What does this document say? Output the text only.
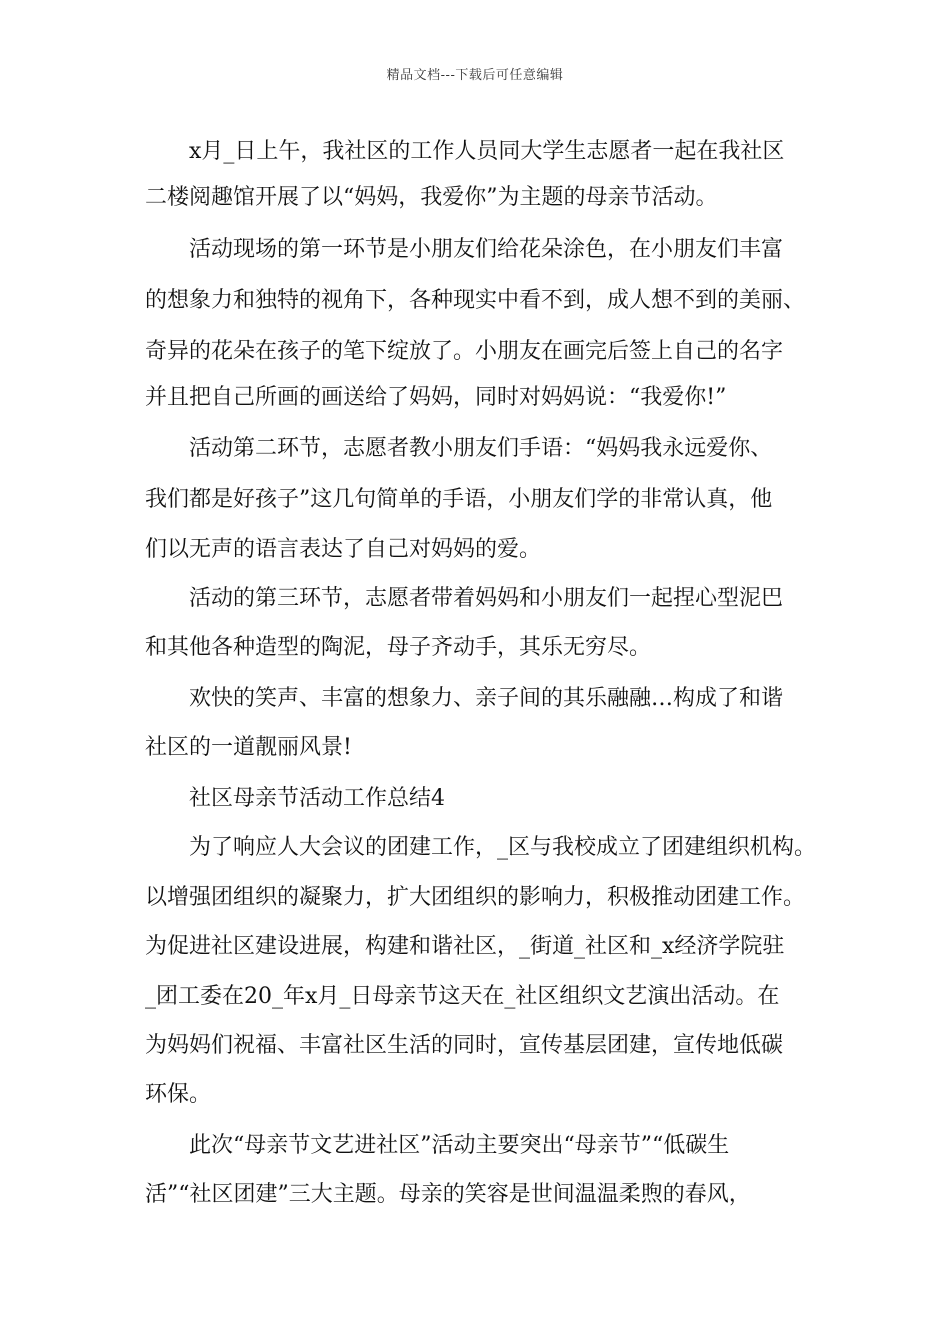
精品文档---下载后可任意编辑
x月_日上午，我社区的工作人员同大学生志愿者一起在我社区
二楼阅趣馆开展了以“妈妈，我爱你”为主题的母亲节活动。
活动现场的第一环节是小朋友们给花朵涂色，在小朋友们丰富
的想象力和独特的视角下，各种现实中看不到，成人想不到的美丽、
奇异的花朵在孩子的笔下绽放了。小朋友在画完后签上自己的名字
并且把自己所画的画送给了妈妈，同时对妈妈说：“我爱你!”
活动第二环节，志愿者教小朋友们手语：“妈妈我永远爱你、
我们都是好孩子”这几句简单的手语，小朋友们学的非常认真，他
们以无声的语言表达了自己对妈妈的爱。
活动的第三环节，志愿者带着妈妈和小朋友们一起捏心型泥巴
和其他各种造型的陶泥，母子齐动手，其乐无穷尽。
欢快的笑声、丰富的想象力、亲子间的其乐融融…构成了和谐
社区的一道靓丽风景!
社区母亲节活动工作总结4
为了响应人大会议的团建工作，_区与我校成立了团建组织机构。
以增强团组织的凝聚力，扩大团组织的影响力，积极推动团建工作。
为促进社区建设进展，构建和谐社区，_街道_社区和_x经济学院驻
_团工委在20_年x月_日母亲节这天在_社区组织文艺演出活动。在
为妈妈们祝福、丰富社区生活的同时，宣传基层团建，宣传地低碳
环保。
此次“母亲节文艺进社区”活动主要突出“母亲节”“低碳生
活”“社区团建”三大主题。母亲的笑容是世间温温柔煦的春风，
